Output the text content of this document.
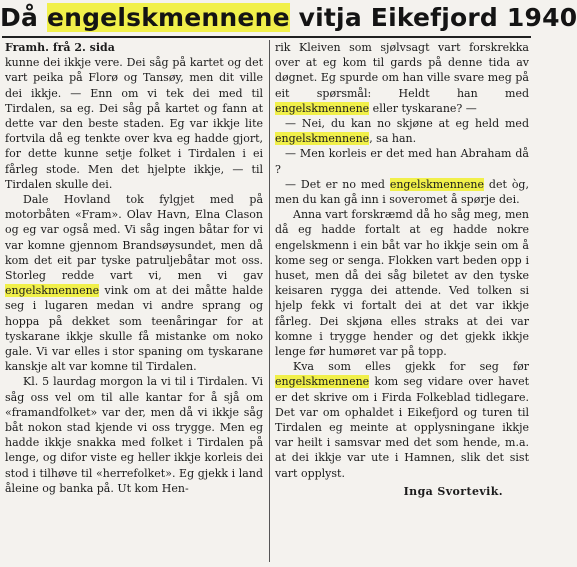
Då engelskmennene vitja Eikefjord 1940

Framh. frå 2. sida
kunne dei ikkje vere. Dei såg på kartet og det vart peika på Florø og Tansøy, men dit ville dei ikkje. — Enn om vi tek dei med til Tirdalen, sa eg. Dei såg på kartet og fann at dette var den beste staden. Eg var ikkje lite fortvila då eg tenkte over kva eg hadde gjort, for dette kunne setje folket i Tirdalen i ei fårleg stode. Men det hjelpte ikkje, — til Tirdalen skulle dei.

Dale Hovland tok fylgjet med på motorbåten «Fram». Olav Havn, Elna Clason og eg var også med. Vi såg ingen båtar for vi var komne gjennom Brandsøysundet, men då kom det eit par tyske patruljebåtar mot oss. Storleg redde vart vi, men vi gav engelskmennene vink om at dei måtte halde seg i lugaren medan vi andre sprang og hoppa på dekket som teenåringar for at tyskarane ikkje skulle få mistanke om noko gale. Vi var elles i stor spaning om tyskarane kanskje alt var komne til Tirdalen.

Kl. 5 laurdag morgon la vi til i Tirdalen. Vi såg oss vel om til alle kantar for å sjå om «framandfolket» var der, men då vi ikkje såg båt nokon stad kjende vi oss trygge. Men eg hadde ikkje snakka med folket i Tirdalen på lenge, og difor viste eg heller ikkje korleis dei stod i tilhøve til «herrefolket». Eg gjekk i land åleine og banka på. Ut kom Hen-

rik Kleiven som sjølvsagt vart forskrekka over at eg kom til gards på denne tida av døgnet. Eg spurde om han ville svare meg på eit spørsmål: Heldt han med engelskmennene eller tyskarane? —

— Nei, du kan no skjøne at eg held med engelskmennene, sa han.

— Men korleis er det med han Abraham då ?

— Det er no med engelskmennene det òg, men du kan gå inn i soveromet å spørje dei.

Anna vart forskræmd då ho såg meg, men då eg hadde fortalt at eg hadde nokre engelskmenn i ein båt var ho ikkje sein om å kome seg or senga. Flokken vart beden opp i huset, men då dei såg biletet av den tyske keisaren rygga dei attende. Ved tolken si hjelp fekk vi fortalt dei at det var ikkje fårleg. Dei skjøna elles straks at dei var komne i trygge hender og det gjekk ikkje lenge før humøret var på topp.

Kva som elles gjekk for seg før engelskmennene kom seg vidare over havet er det skrive om i Firda Folkeblad tidlegare. Det var om ophaldet i Eikefjord og turen til Tirdalen eg meinte at opplysningane ikkje var heilt i samsvar med det som hende, m.a. at dei ikkje var ute i Hamnen, slik det sist vart opplyst.

Inga Svortevik.
